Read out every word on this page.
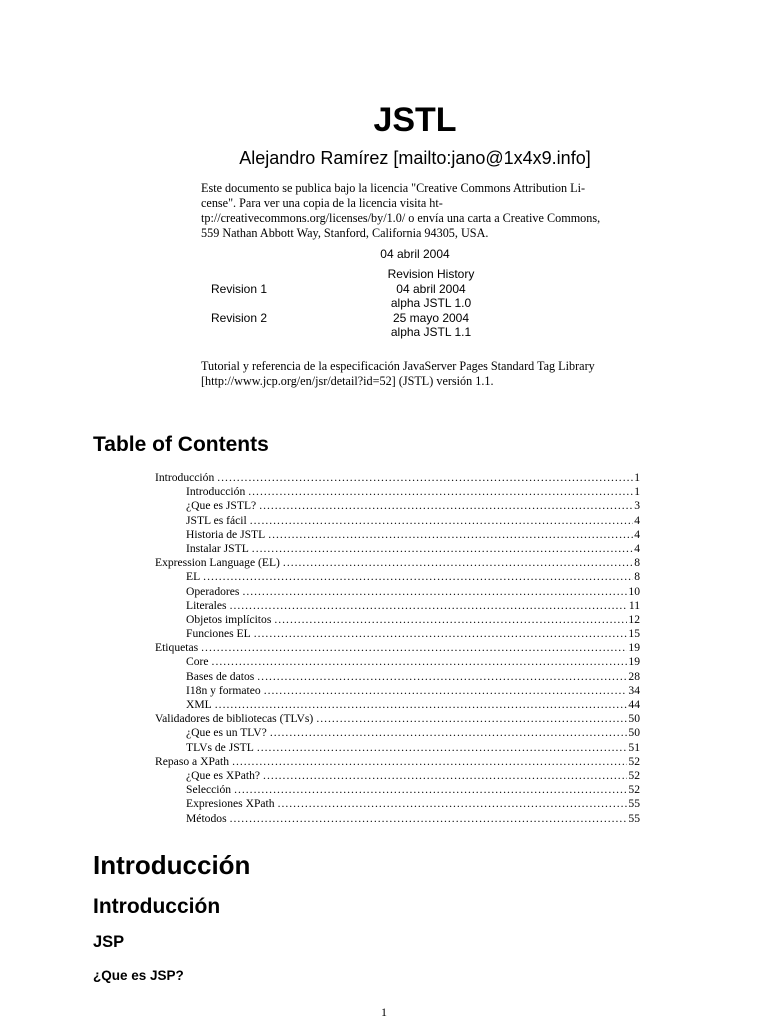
JSTL
Alejandro Ramírez [mailto:jano@1x4x9.info]
Este documento se publica bajo la licencia "Creative Commons Attribution Li-
cense". Para ver una copia de la licencia visita ht-
tp://creativecommons.org/licenses/by/1.0/ o envía una carta a Creative Commons,
559 Nathan Abbott Way, Stanford, California 94305, USA.
04 abril 2004
Revision History
Revision 1	04 abril 2004
alpha JSTL 1.0
Revision 2	25 mayo 2004
alpha JSTL 1.1
Tutorial y referencia de la especificación JavaServer Pages Standard Tag Library
[http://www.jcp.org/en/jsr/detail?id=52] (JSTL) versión 1.1.
Table of Contents
Introducción .....	1
Introducción .....	1
¿Que es JSTL? .....	3
JSTL es fácil .....	4
Historia de JSTL .....	4
Instalar JSTL .....	4
Expression Language (EL) .....	8
EL .....	8
Operadores .....	10
Literales .....	11
Objetos implícitos .....	12
Funciones EL .....	15
Etiquetas .....	19
Core .....	19
Bases de datos .....	28
I18n y formateo .....	34
XML .....	44
Validadores de bibliotecas (TLVs) .....	50
¿Que es un TLV? .....	50
TLVs de JSTL .....	51
Repaso a XPath .....	52
¿Que es XPath? .....	52
Selección .....	52
Expresiones XPath .....	55
Métodos .....	55
Introducción
Introducción
JSP
¿Que es JSP?
1
